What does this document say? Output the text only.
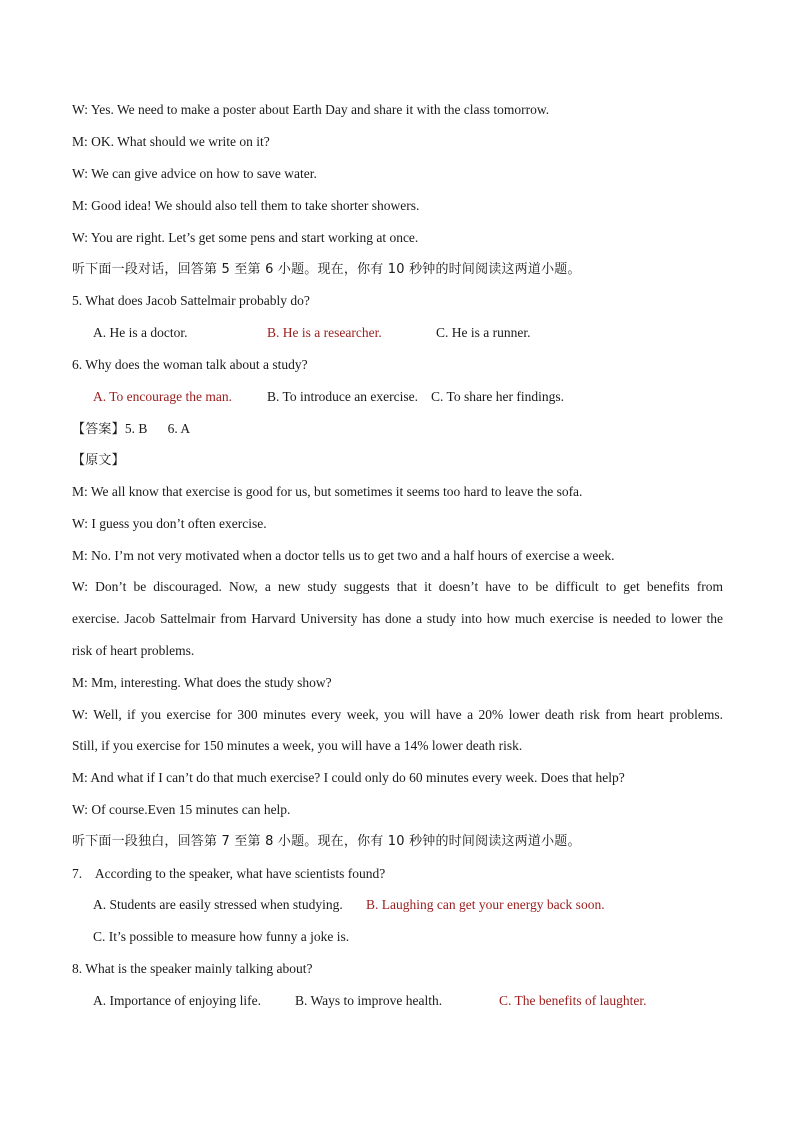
W: Yes. We need to make a poster about Earth Day and share it with the class tomorrow.
M: OK. What should we write on it?
W: We can give advice on how to save water.
M: Good idea! We should also tell them to take shorter showers.
W: You are right. Let’s get some pens and start working at once.
听下面一段对话，回答第 5 至第 6 小题。现在，你有 10 秒钟的时间阅读这两道小题。
5. What does Jacob Sattelmair probably do?
A. He is a doctor.	B. He is a researcher.	C. He is a runner.
6. Why does the woman talk about a study?
A. To encourage the man.	B. To introduce an exercise. C. To share her findings.
【答案】5. B      6. A
【原文】
M: We all know that exercise is good for us, but sometimes it seems too hard to leave the sofa.
W: I guess you don’t often exercise.
M: No. I’m not very motivated when a doctor tells us to get two and a half hours of exercise a week.
W: Don’t be discouraged. Now, a new study suggests that it doesn’t have to be difficult to get benefits from
exercise. Jacob Sattelmair from Harvard University has done a study into how much exercise is needed to lower the
risk of heart problems.
M: Mm, interesting. What does the study show?
W: Well, if you exercise for 300 minutes every week, you will have a 20% lower death risk from heart problems.
Still, if you exercise for 150 minutes a week, you will have a 14% lower death risk.
M: And what if I can’t do that much exercise? I could only do 60 minutes every week. Does that help?
W: Of course.Even 15 minutes can help.
听下面一段独白，回答第 7 至第 8 小题。现在，你有 10 秒钟的时间阅读这两道小题。
7.    According to the speaker, what have scientists found?
A. Students are easily stressed when studying. B. Laughing can get your energy back soon.
C. It’s possible to measure how funny a joke is.
8. What is the speaker mainly talking about?
A. Importance of enjoying life.	B. Ways to improve health.	C. The benefits of laughter.
